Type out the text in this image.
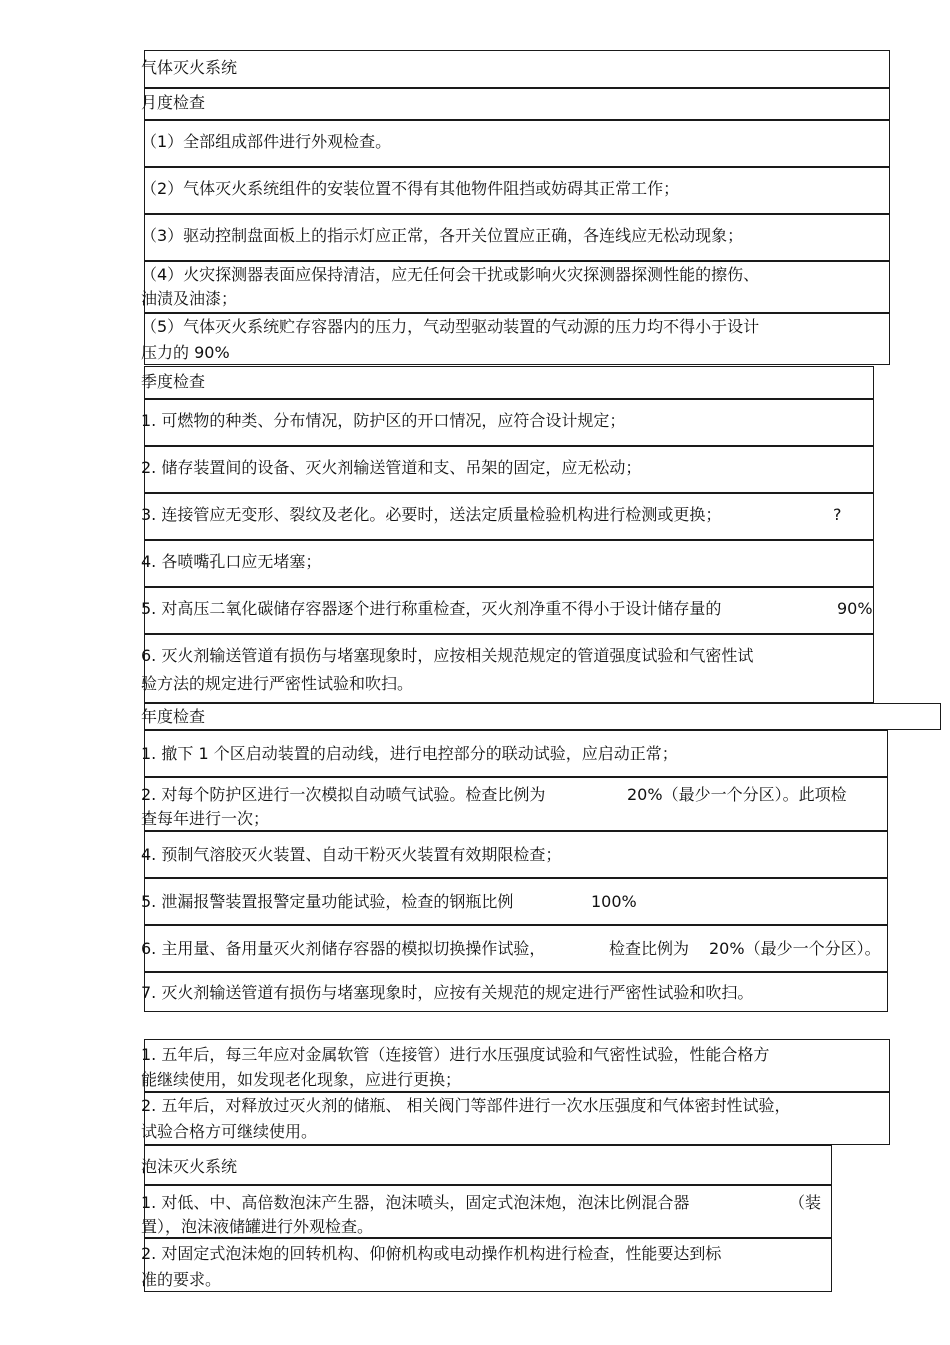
气体灭火系统
月度检查
（1）全部组成部件进行外观检查。
（2）气体灭火系统组件的安装位置不得有其他物件阻挡或妨碍其正常工作；
（3）驱动控制盘面板上的指示灯应正常，各开关位置应正确，各连线应无松动现象；
（4）火灾探测器表面应保持清洁，应无任何会干扰或影响火灾探测器探测性能的擦伤、
油渍及油漆；
（5）气体灭火系统贮存容器内的压力，气动型驱动装置的气动源的压力均不得小于设计
压力的 90%
季度检查
1. 可燃物的种类、分布情况，防护区的开口情况，应符合设计规定；
2. 储存装置间的设备、灭火剂输送管道和支、吊架的固定，应无松动；
3. 连接管应无变形、裂纹及老化。必要时，送法定质量检验机构进行检测或更换；	?
4. 各喷嘴孔口应无堵塞；
5. 对高压二氧化碳储存容器逐个进行称重检查，灭火剂净重不得小于设计储存量的	90%
6. 灭火剂输送管道有损伤与堵塞现象时，应按相关规范规定的管道强度试验和气密性试
验方法的规定进行严密性试验和吹扫。
年度检查
1. 撤下 1 个区启动装置的启动线，进行电控部分的联动试验，应启动正常；
2. 对每个防护区进行一次模拟自动喷气试验。检查比例为	20%（最少一个分区）。此项检
查每年进行一次；
4. 预制气溶胶灭火装置、自动干粉灭火装置有效期限检查；
5. 泄漏报警装置报警定量功能试验，检查的钢瓶比例	100%
6. 主用量、备用量灭火剂储存容器的模拟切换操作试验，	检查比例为 20%（最少一个分区）。
7. 灭火剂输送管道有损伤与堵塞现象时，应按有关规范的规定进行严密性试验和吹扫。
1. 五年后，每三年应对金属软管（连接管）进行水压强度试验和气密性试验，性能合格方
能继续使用，如发现老化现象，应进行更换；
2. 五年后，对释放过灭火剂的储瓶、 相关阀门等部件进行一次水压强度和气体密封性试验，
试验合格方可继续使用。
泡沫灭火系统
1. 对低、中、高倍数泡沫产生器，泡沫喷头，固定式泡沫炮，泡沫比例混合器	（装
置），泡沫液储罐进行外观检查。
2. 对固定式泡沫炮的回转机构、仰俯机构或电动操作机构进行检查，性能要达到标
准的要求。
